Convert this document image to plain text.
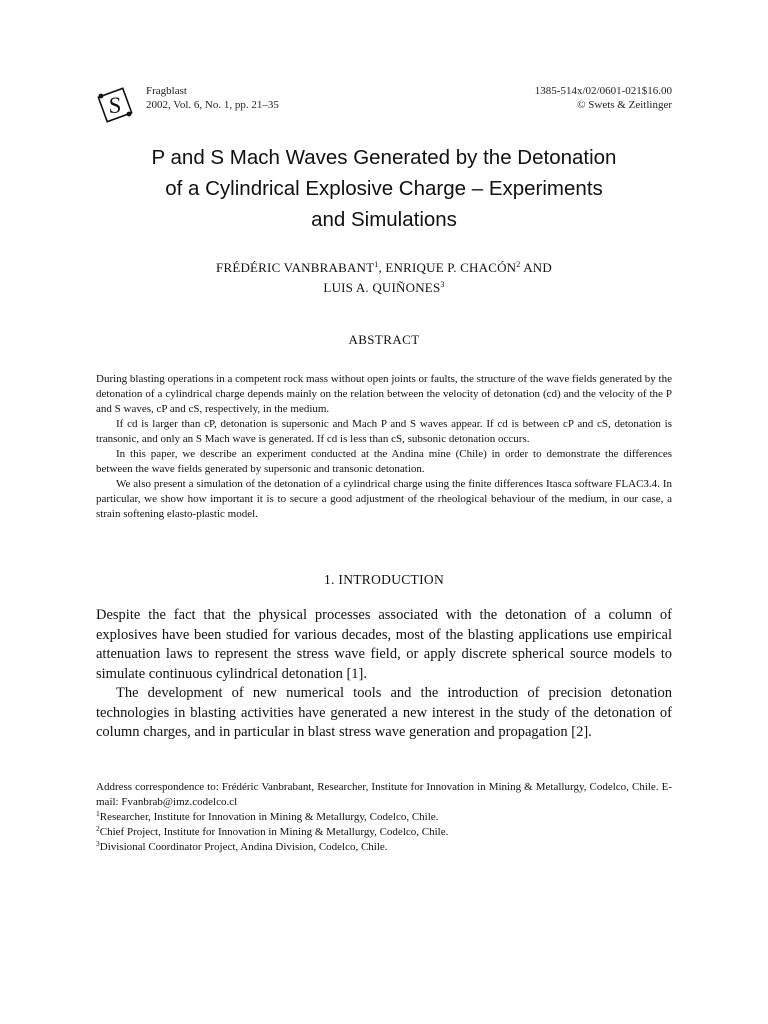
S
Fragblast
2002, Vol. 6, No. 1, pp. 21–35
1385-514x/02/0601-021$16.00
© Swets & Zeitlinger
P and S Mach Waves Generated by the Detonation
of a Cylindrical Explosive Charge – Experiments
and Simulations
FRÉDÉRIC VANBRABANT$^1$, ENRIQUE P. CHACÓN$^2$ AND
LUIS A. QUIÑONES$^3$
ABSTRACT

During blasting operations in a competent rock mass without open joints or faults, the structure of the wave fields generated by the detonation of a cylindrical charge depends mainly on the relation between the velocity of detonation (cd) and the velocity of the P and S waves, cP and cS, respectively, in the medium.

If cd is larger than cP, detonation is supersonic and Mach P and S waves appear. If cd is between cP and cS, detonation is transonic, and only an S Mach wave is generated. If cd is less than cS, subsonic detonation occurs.

In this paper, we describe an experiment conducted at the Andina mine (Chile) in order to demonstrate the differences between the wave fields generated by supersonic and transonic detonation.

We also present a simulation of the detonation of a cylindrical charge using the finite differences Itasca software FLAC3.4. In particular, we show how important it is to secure a good adjustment of the rheological behaviour of the medium, in our case, a strain softening elasto-plastic model.

1. INTRODUCTION

Despite the fact that the physical processes associated with the detonation of a column of explosives have been studied for various decades, most of the blasting applications use empirical attenuation laws to represent the stress wave field, or apply discrete spherical source models to simulate continuous cylindrical detonation [1].

The development of new numerical tools and the introduction of precision detonation technologies in blasting activities have generated a new interest in the study of the detonation of column charges, and in particular in blast stress wave generation and propagation [2].

Address correspondence to: Frédéric Vanbrabant, Researcher, Institute for Innovation in Mining & Metallurgy, Codelco, Chile. E-mail: Fvanbrab@imz.codelco.cl

$^1$Researcher, Institute for Innovation in Mining & Metallurgy, Codelco, Chile.

$^2$Chief Project, Institute for Innovation in Mining & Metallurgy, Codelco, Chile.

$^3$Divisional Coordinator Project, Andina Division, Codelco, Chile.
